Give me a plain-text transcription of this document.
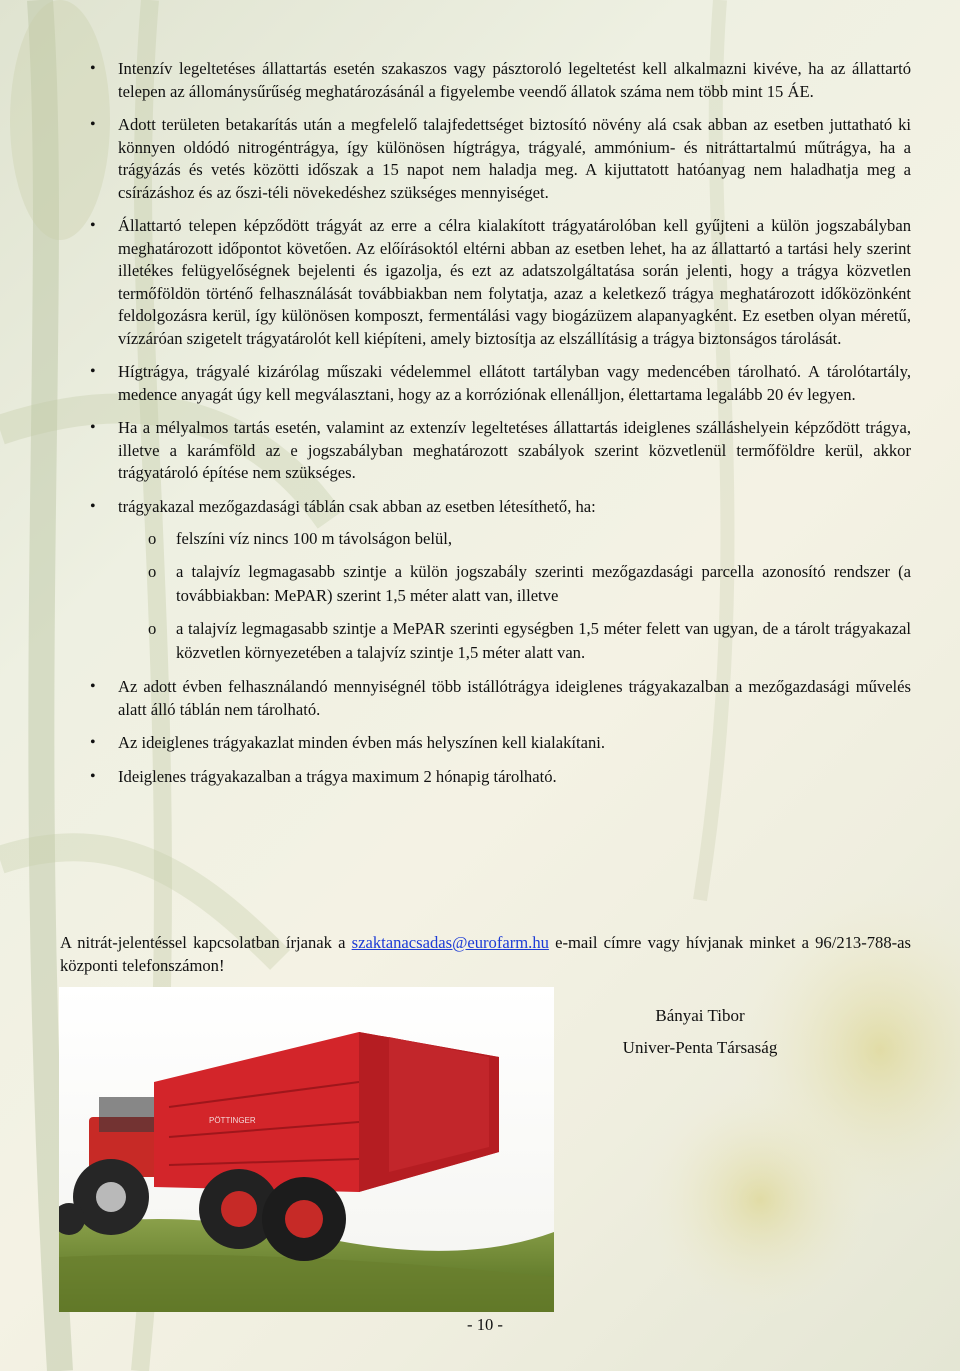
• Intenzív legeltetéses állattartás esetén szakaszos vagy pásztoroló legeltetést kell alkalmazni kivéve, ha az állattartó telepen az állománysűrűség meghatározásánál a figyelembe veendő állatok száma nem több mint 15 ÁE.
• Adott területen betakarítás után a megfelelő talajfedettséget biztosító növény alá csak abban az esetben juttatható ki könnyen oldódó nitrogéntrágya, így különösen hígtrágya, trágyalé, ammónium- és nitráttartalmú műtrágya, ha a trágyázás és vetés közötti időszak a 15 napot nem haladja meg. A kijuttatott hatóanyag nem haladhatja meg a csírázáshoz és az őszi-téli növekedéshez szükséges mennyiséget.
• Állattartó telepen képződött trágyát az erre a célra kialakított trágyatárolóban kell gyűjteni a külön jogszabályban meghatározott időpontot követően. Az előírásoktól eltérni abban az esetben lehet, ha az állattartó a tartási hely szerint illetékes felügyelőségnek bejelenti és igazolja, és ezt az adatszolgáltatása során jelenti, hogy a trágya közvetlen termőföldön történő felhasználását továbbiakban nem folytatja, azaz a keletkező trágya meghatározott időközönként feldolgozásra kerül, így különösen komposzt, fermentálási vagy biogázüzem alapanyagként. Ez esetben olyan méretű, vízzáróan szigetelt trágyatárolót kell kiépíteni, amely biztosítja az elszállításig a trágya biztonságos tárolását.
• Hígtrágya, trágyalé kizárólag műszaki védelemmel ellátott tartályban vagy medencében tárolható. A tárolótartály, medence anyagát úgy kell megválasztani, hogy az a korróziónak ellenálljon, élettartama legalább 20 év legyen.
• Ha a mélyalmos tartás esetén, valamint az extenzív legeltetéses állattartás ideiglenes szálláshelyein képződött trágya, illetve a karámföld az e jogszabályban meghatározott szabályok szerint közvetlenül termőföldre kerül, akkor trágyatároló építése nem szükséges.
• trágyakazal mezőgazdasági táblán csak abban az esetben létesíthető, ha:
o felszíni víz nincs 100 m távolságon belül,
o a talajvíz legmagasabb szintje a külön jogszabály szerinti mezőgazdasági parcella azonosító rendszer (a továbbiakban: MePAR) szerint 1,5 méter alatt van, illetve
o a talajvíz legmagasabb szintje a MePAR szerinti egységben 1,5 méter felett van ugyan, de a tárolt trágyakazal közvetlen környezetében a talajvíz szintje 1,5 méter alatt van.
• Az adott évben felhasználandó mennyiségnél több istállótrágya ideiglenes trágyakazalban a mezőgazdasági művelés alatt álló táblán nem tárolható.
• Az ideiglenes trágyakazlat minden évben más helyszínen kell kialakítani.
• Ideiglenes trágyakazalban a trágya maximum 2 hónapig tárolható.

A nitrát-jelentéssel kapcsolatban írjanak a szaktanacsadas@eurofarm.hu e-mail címre vagy hívjanak minket a 96/213-788-as központi telefonszámon!

PÖTTINGER
Bányai Tibor
Univer-Penta Társaság
- 10 -
